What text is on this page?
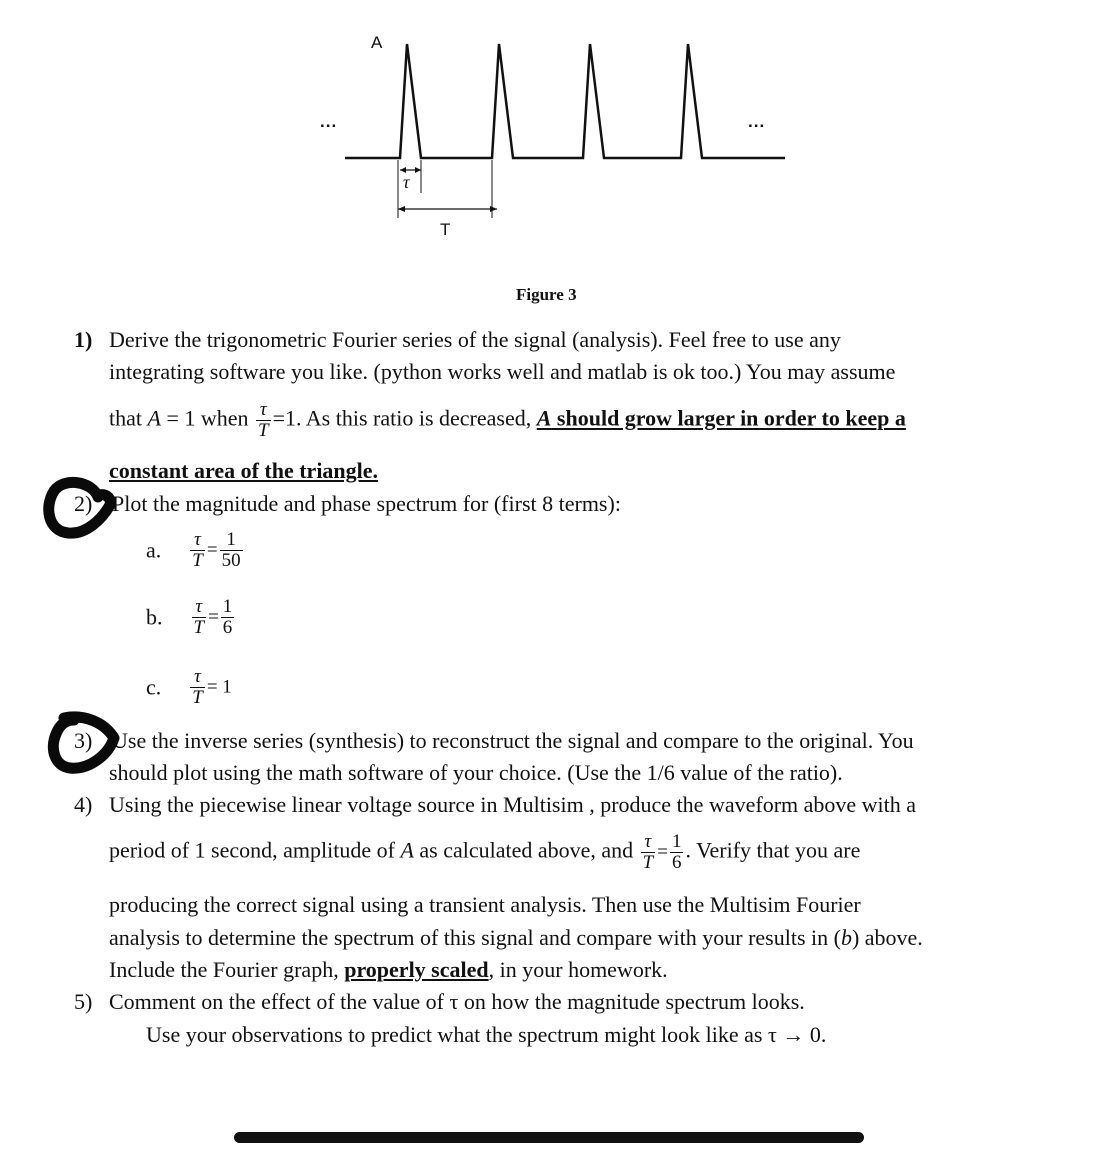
A
...	...
τ
T
Figure 3
1) Derive the trigonometric Fourier series of the signal (analysis). Feel free to use any
integrating software you like. (python works well and matlab is ok too.) You may assume
that A = 1 when $\frac{\tau}{T} =1$. As this ratio is decreased, A should grow larger in order to keep a
constant area of the triangle.
2) Plot the magnitude and phase spectrum for (first 8 terms):
a. $\frac{\tau}{T} = \frac{1}{50}$
b. $\frac{\tau}{T} = \frac{1}{6}$
c. $\frac{\tau}{T} = 1$
3) Use the inverse series (synthesis) to reconstruct the signal and compare to the original. You
should plot using the math software of your choice. (Use the 1/6 value of the ratio).
4) Using the piecewise linear voltage source in Multisim , produce the waveform above with a
period of 1 second, amplitude of A as calculated above, and $\frac{\tau}{T} = \frac{1}{6}$ . Verify that you are
producing the correct signal using a transient analysis. Then use the Multisim Fourier
analysis to determine the spectrum of this signal and compare with your results in (b) above.
Include the Fourier graph, properly scaled, in your homework.
5) Comment on the effect of the value of τ on how the magnitude spectrum looks.
Use your observations to predict what the spectrum might look like as τ → 0.
